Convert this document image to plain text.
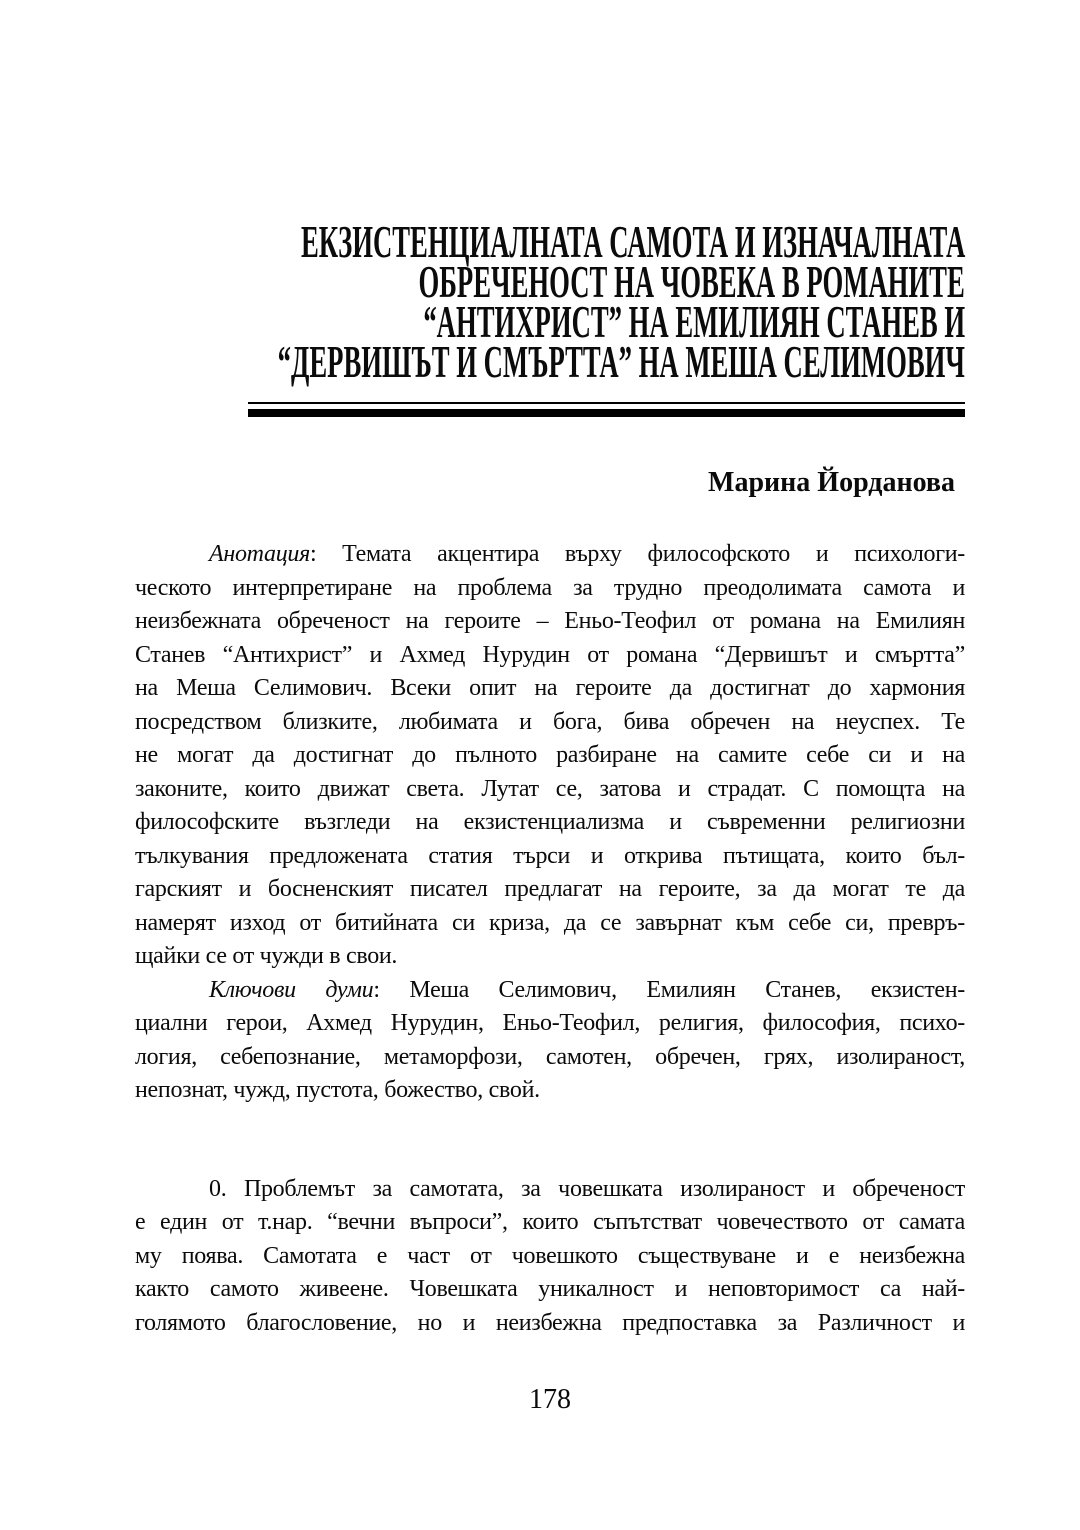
ЕКЗИСТЕНЦИАЛНАТА САМОТА И ИЗНАЧАЛНАТА
ОБРЕЧЕНОСТ НА ЧОВЕКА В РОМАНИТЕ
“АНТИХРИСТ” НА ЕМИЛИЯН СТАНЕВ И
“ДЕРВИШЪТ И СМЪРТТА” НА МЕША СЕЛИМОВИЧ
Марина Йорданова
Анотация: Темата акцентира върху философското и психологи-
ческото интерпретиране на проблема за трудно преодолимата самота и
неизбежната обреченост на героите – Еньо-Теофил от романа на Емилиян
Станев “Антихрист” и Ахмед Нурудин от романа “Дервишът и смъртта”
на Меша Селимович. Всеки опит на героите да достигнат до хармония
посредством близките, любимата и бога, бива обречен на неуспех. Те
не могат да достигнат до пълното разбиране на самите себе си и на
законите, които движат света. Лутат се, затова и страдат. С помощта на
философските възгледи на екзистенциализма и съвременни религиозни
тълкувания предложената статия търси и открива пътищата, които бъл-
гарският и босненският писател предлагат на героите, за да могат те да
намерят изход от битийната си криза, да се завърнат към себе си, превръ-
щайки се от чужди в свои.
Ключови думи: Меша Селимович, Емилиян Станев, екзистен-
циални герои, Ахмед Нурудин, Еньо-Теофил, религия, философия, психо-
логия, себепознание, метаморфози, самотен, обречен, грях, изолираност,
непознат, чужд, пустота, божество, свой.
0. Проблемът за самотата, за човешката изолираност и обреченост
е един от т.нар. “вечни въпроси”, които съпътстват човечеството от самата
му поява. Самотата е част от човешкото съществуване и е неизбежна
както самото живеене. Човешката уникалност и неповторимост са най-
голямото благословение, но и неизбежна предпоставка за Различност и
178
